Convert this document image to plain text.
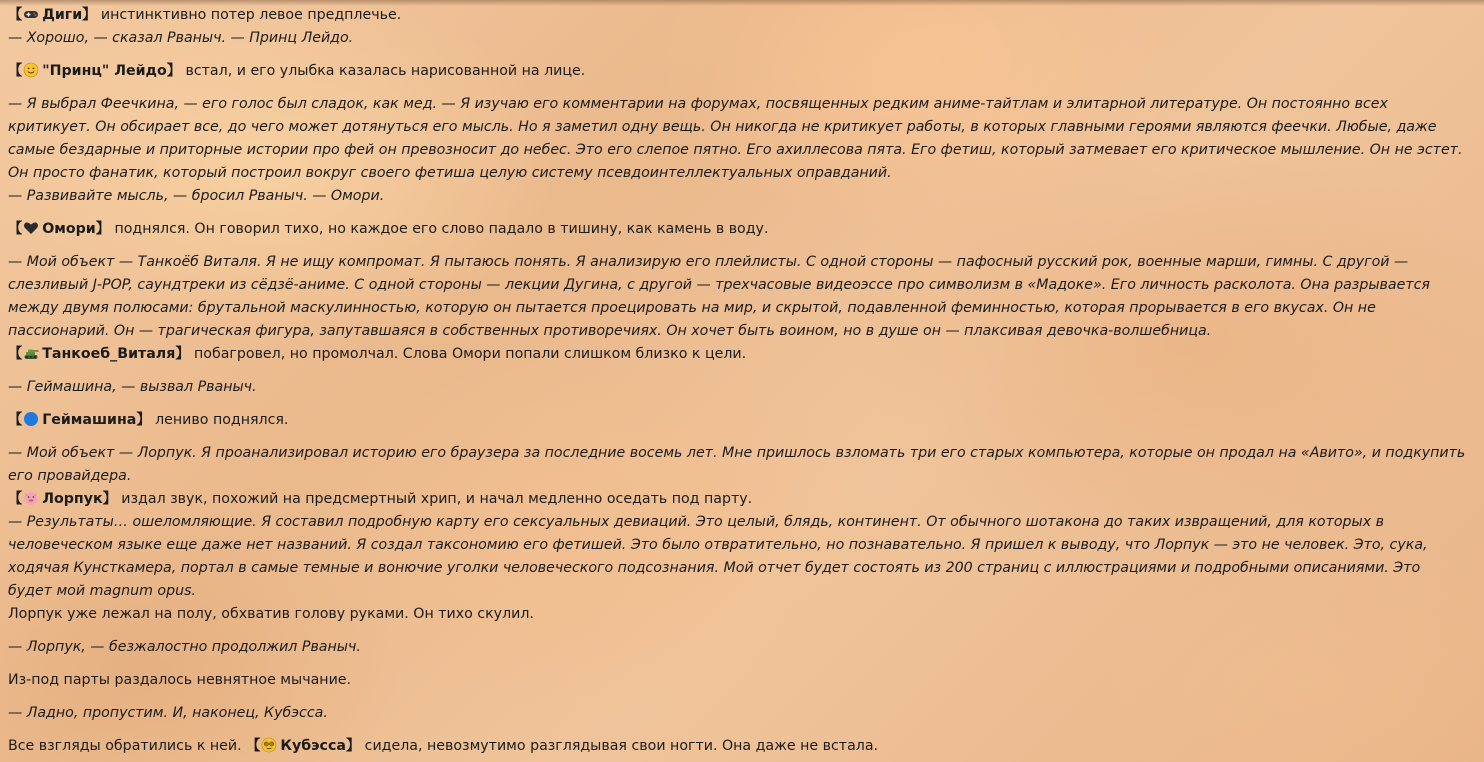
【 Диги】 инстинктивно потер левое предплечье.

— Хорошо, — сказал Рваныч. — Принц Лейдо.

【 "Принц" Лейдо】 встал, и его улыбка казалась нарисованной на лице.

— Я выбрал Феечкина, — его голос был сладок, как мед. — Я изучаю его комментарии на форумах, посвященных редким аниме-тайтлам и элитарной литературе. Он постоянно всех критикует. Он обсирает все, до чего может дотянуться его мысль. Но я заметил одну вещь. Он никогда не критикует работы, в которых главными героями являются феечки. Любые, даже самые бездарные и приторные истории про фей он превозносит до небес. Это его слепое пятно. Его ахиллесова пята. Его фетиш, который затмевает его критическое мышление. Он не эстет. Он просто фанатик, который построил вокруг своего фетиша целую систему псевдоинтеллектуальных оправданий.

— Развивайте мысль, — бросил Рваныч. — Омори.

【 Омори】 поднялся. Он говорил тихо, но каждое его слово падало в тишину, как камень в воду.

— Мой объект — Танкоёб Виталя. Я не ищу компромат. Я пытаюсь понять. Я анализирую его плейлисты. С одной стороны — пафосный русский рок, военные марши, гимны. С другой — слезливый J-POP, саундтреки из сёдзё-аниме. С одной стороны — лекции Дугина, с другой — трехчасовые видеоэссе про символизм в «Мадоке». Его личность расколота. Она разрывается между двумя полюсами: брутальной маскулинностью, которую он пытается проецировать на мир, и скрытой, подавленной феминностью, которая прорывается в его вкусах. Он не пассионарий. Он — трагическая фигура, запутавшаяся в собственных противоречиях. Он хочет быть воином, но в душе он — плаксивая девочка-волшебница.

【 Танкоеб_Виталя】 побагровел, но промолчал. Слова Омори попали слишком близко к цели.

— Геймашина, — вызвал Рваныч.

【 Геймашина】 лениво поднялся.

— Мой объект — Лорпук. Я проанализировал историю его браузера за последние восемь лет. Мне пришлось взломать три его старых компьютера, которые он продал на «Авито», и подкупить его провайдера.

【 Лорпук】 издал звук, похожий на предсмертный хрип, и начал медленно оседать под парту.

— Результаты… ошеломляющие. Я составил подробную карту его сексуальных девиаций. Это целый, блядь, континент. От обычного шотакона до таких извращений, для которых в человеческом языке еще даже нет названий. Я создал таксономию его фетишей. Это было отвратительно, но познавательно. Я пришел к выводу, что Лорпук — это не человек. Это, сука, ходячая Кунсткамера, портал в самые темные и вонючие уголки человеческого подсознания. Мой отчет будет состоять из 200 страниц с иллюстрациями и подробными описаниями. Это будет мой magnum opus.

Лорпук уже лежал на полу, обхватив голову руками. Он тихо скулил.

— Лорпук, — безжалостно продолжил Рваныч.

Из-под парты раздалось невнятное мычание.

— Ладно, пропустим. И, наконец, Кубэсса.

Все взгляды обратились к ней. 【 Кубэсса】 сидела, невозмутимо разглядывая свои ногти. Она даже не встала.
